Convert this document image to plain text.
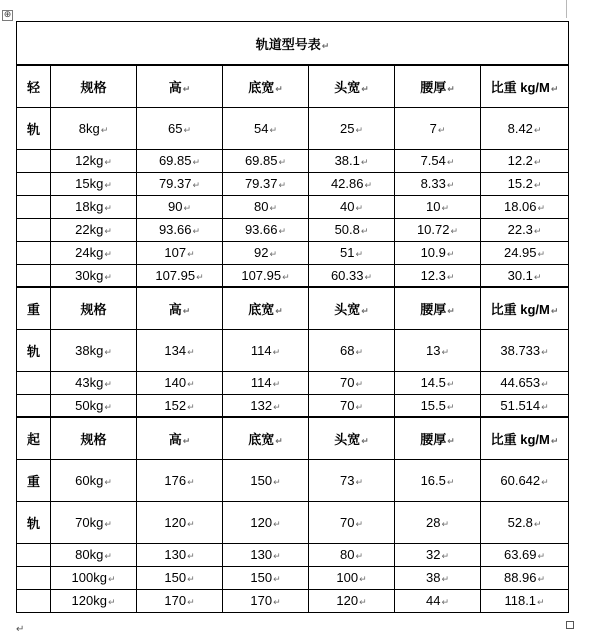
⊕
轨道型号表↵						
轻	规格	高↵	底宽↵	头宽↵	腰厚↵	比重 kg/M↵
轨	8kg↵	65↵	54↵	25↵	7↵	8.42↵
	12kg↵	69.85↵	69.85↵	38.1↵	7.54↵	12.2↵
	15kg↵	79.37↵	79.37↵	42.86↵	8.33↵	15.2↵
	18kg↵	90↵	80↵	40↵	10↵	18.06↵
	22kg↵	93.66↵	93.66↵	50.8↵	10.72↵	22.3↵
	24kg↵	107↵	92↵	51↵	10.9↵	24.95↵
	30kg↵	107.95↵	107.95↵	60.33↵	12.3↵	30.1↵
重	规格	高↵	底宽↵	头宽↵	腰厚↵	比重 kg/M↵
轨	38kg↵	134↵	114↵	68↵	13↵	38.733↵
	43kg↵	140↵	114↵	70↵	14.5↵	44.653↵
	50kg↵	152↵	132↵	70↵	15.5↵	51.514↵
起	规格	高↵	底宽↵	头宽↵	腰厚↵	比重 kg/M↵
重	60kg↵	176↵	150↵	73↵	16.5↵	60.642↵
轨	70kg↵	120↵	120↵	70↵	28↵	52.8↵
	80kg↵	130↵	130↵	80↵	32↵	63.69↵
	100kg↵	150↵	150↵	100↵	38↵	88.96↵
	120kg↵	170↵	170↵	120↵	44↵	118.1↵
↵
